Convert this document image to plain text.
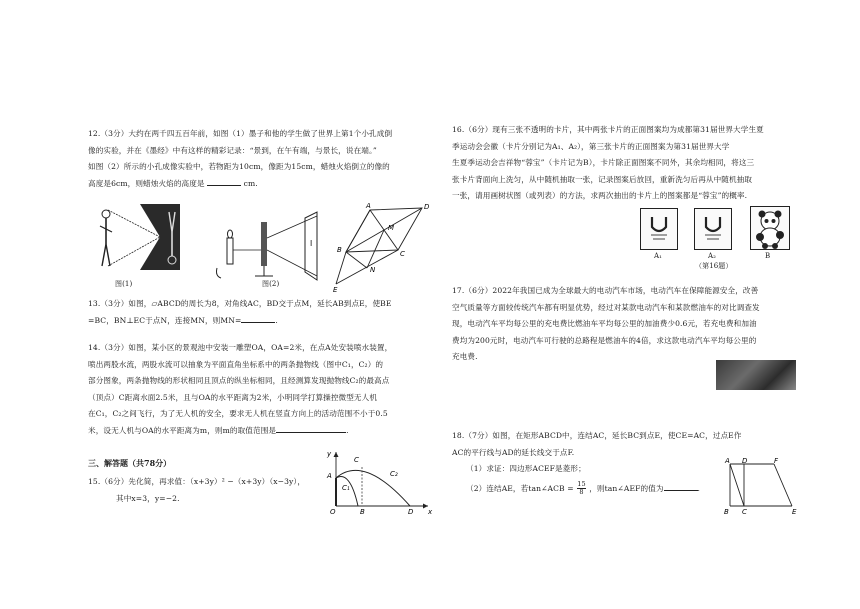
12.（3分）大约在两千四五百年前，如图（1）墨子和他的学生做了世界上第1个小孔成倒

像的实验，并在《墨经》中有这样的精彩记录：“景到，在午有端，与景长，说在端。”

如图（2）所示的小孔成像实验中，若物距为10cm，像距为15cm，蜡烛火焰倒立的像的

高度是6cm，则蜡烛火焰的高度是	cm.

图(1)
l
图(2)
A	D
M
B	C
N
E

13.（3分）如图，▱ABCD的周长为8，对角线AC，BD交于点M，延长AB到点E，使BE

=BC，BN⊥EC于点N，连接MN，则MN=	.

14.（3分）如图，某小区的景观池中安装一雕塑OA，OA=2米，在点A处安装喷水装置，

喷出两股水流，两股水流可以抽象为平面直角坐标系中的两条抛物线（图中C₁，C₂）的

部分图象，两条抛物线的形状相同且顶点的纵坐标相同，且经测算发现抛物线C₂的最高点

（顶点）C距离水面2.5米，且与OA的水平距离为2米，小明同学打算操控微型无人机

在C₁，C₂之间飞行，为了无人机的安全，要求无人机在竖直方向上的活动范围不小于0.5

米，设无人机与OA的水平距离为m，则m的取值范围是	.

三、解答题（共78分）

15.（6分）先化简，再求值：（x+3y）² −（x+3y）（x−3y），

其中x=3，y=−2.

y
A
C
C₁
C₂
O	B	D x

16.（6分）现有三张不透明的卡片，其中两张卡片的正面图案均为成都第31届世界大学生夏

季运动会会徽（卡片分别记为A₁、A₂），第三张卡片的正面图案为第31届世界大学

生夏季运动会吉祥物“蓉宝”（卡片记为B），卡片除正面图案不同外，其余均相同，将这三

张卡片背面向上洗匀，从中随机抽取一张，记录图案后放回，重新洗匀后再从中随机抽取

一张，请用画树状图（或列表）的方法，求两次抽出的卡片上的图案都是“蓉宝”的概率.

A₁	A₂	B
（第16题）

17.（6分）2022年我国已成为全球最大的电动汽车市场，电动汽车在保障能源安全，改善

空气质量等方面较传统汽车都有明显优势，经过对某款电动汽车和某款燃油车的对比调查发

现，电动汽车平均每公里的充电费比燃油车平均每公里的加油费少0.6元，若充电费和加油

费均为200元时，电动汽车可行驶的总路程是燃油车的4倍，求这款电动汽车平均每公里的

充电费.

18.（7分）如图，在矩形ABCD中，连结AC，延长BC到点E，使CE=AC，过点E作

AC的平行线与AD的延长线交于点F.

（1）求证：四边形ACEF是菱形；

（2）连结AE，若tan∠ACB = $\frac{15}{8}$ ，则tan∠AEF的值为	.

A D	F
B C	E
